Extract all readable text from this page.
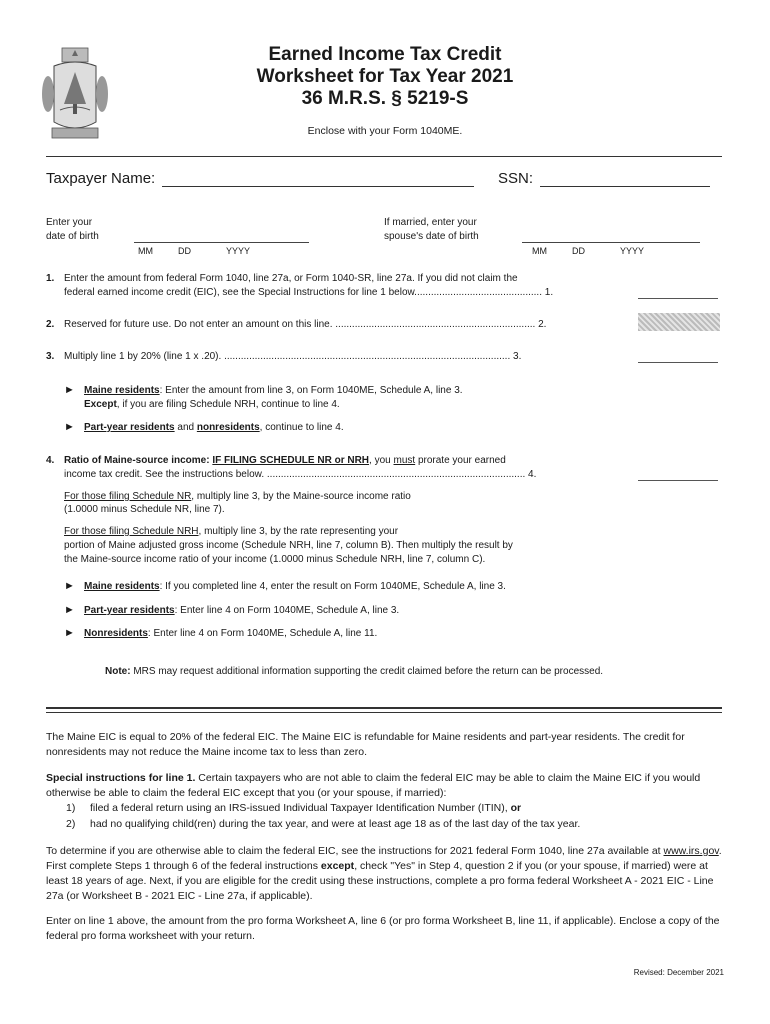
Earned Income Tax Credit
Worksheet for Tax Year 2021
36 M.R.S. § 5219-S
Enclose with your Form 1040ME.
Taxpayer Name:	SSN:
Enter your
date of birth
MM	DD	YYYY
If married, enter your
spouse's date of birth
MM	DD	YYYY
1. Enter the amount from federal Form 1040, line 27a, or Form 1040-SR, line 27a. If you did not claim the
federal earned income credit (EIC), see the Special Instructions for line 1 below.............................................. 1.
2. Reserved for future use. Do not enter an amount on this line. ........................................................................ 2.
3. Multiply line 1 by 20% (line 1 x .20). ....................................................................................................... 3.
► Maine residents: Enter the amount from line 3, on Form 1040ME, Schedule A, line 3.
Except, if you are filing Schedule NRH, continue to line 4.
► Part-year residents and nonresidents, continue to line 4.
4. Ratio of Maine-source income: IF FILING SCHEDULE NR or NRH, you must prorate your earned
income tax credit. See the instructions below. ............................................................................................. 4.
For those filing Schedule NR, multiply line 3, by the Maine-source income ratio
(1.0000 minus Schedule NR, line 7).
For those filing Schedule NRH, multiply line 3, by the rate representing your
portion of Maine adjusted gross income (Schedule NRH, line 7, column B). Then multiply the result by
the Maine-source income ratio of your income (1.0000 minus Schedule NRH, line 7, column C).
► Maine residents: If you completed line 4, enter the result on Form 1040ME, Schedule A, line 3.
► Part-year residents: Enter line 4 on Form 1040ME, Schedule A, line 3.
► Nonresidents: Enter line 4 on Form 1040ME, Schedule A, line 11.
Note: MRS may request additional information supporting the credit claimed before the return can be processed.
The Maine EIC is equal to 20% of the federal EIC. The Maine EIC is refundable for Maine residents and part-year residents. The credit for nonresidents may not reduce the Maine income tax to less than zero.
Special instructions for line 1. Certain taxpayers who are not able to claim the federal EIC may be able to claim the Maine EIC if you would otherwise be able to claim the federal EIC except that you (or your spouse, if married):
1) filed a federal return using an IRS-issued Individual Taxpayer Identification Number (ITIN), or
2) had no qualifying child(ren) during the tax year, and were at least age 18 as of the last day of the tax year.
To determine if you are otherwise able to claim the federal EIC, see the instructions for 2021 federal Form 1040, line 27a available at www.irs.gov. First complete Steps 1 through 6 of the federal instructions except, check "Yes" in Step 4, question 2 if you (or your spouse, if married) were at least 18 years of age. Next, if you are eligible for the credit using these instructions, complete a pro forma federal Worksheet A - 2021 EIC - Line 27a (or Worksheet B - 2021 EIC - Line 27a, if applicable).
Enter on line 1 above, the amount from the pro forma Worksheet A, line 6 (or pro forma Worksheet B, line 11, if applicable). Enclose a copy of the federal pro forma worksheet with your return.
Revised: December 2021
